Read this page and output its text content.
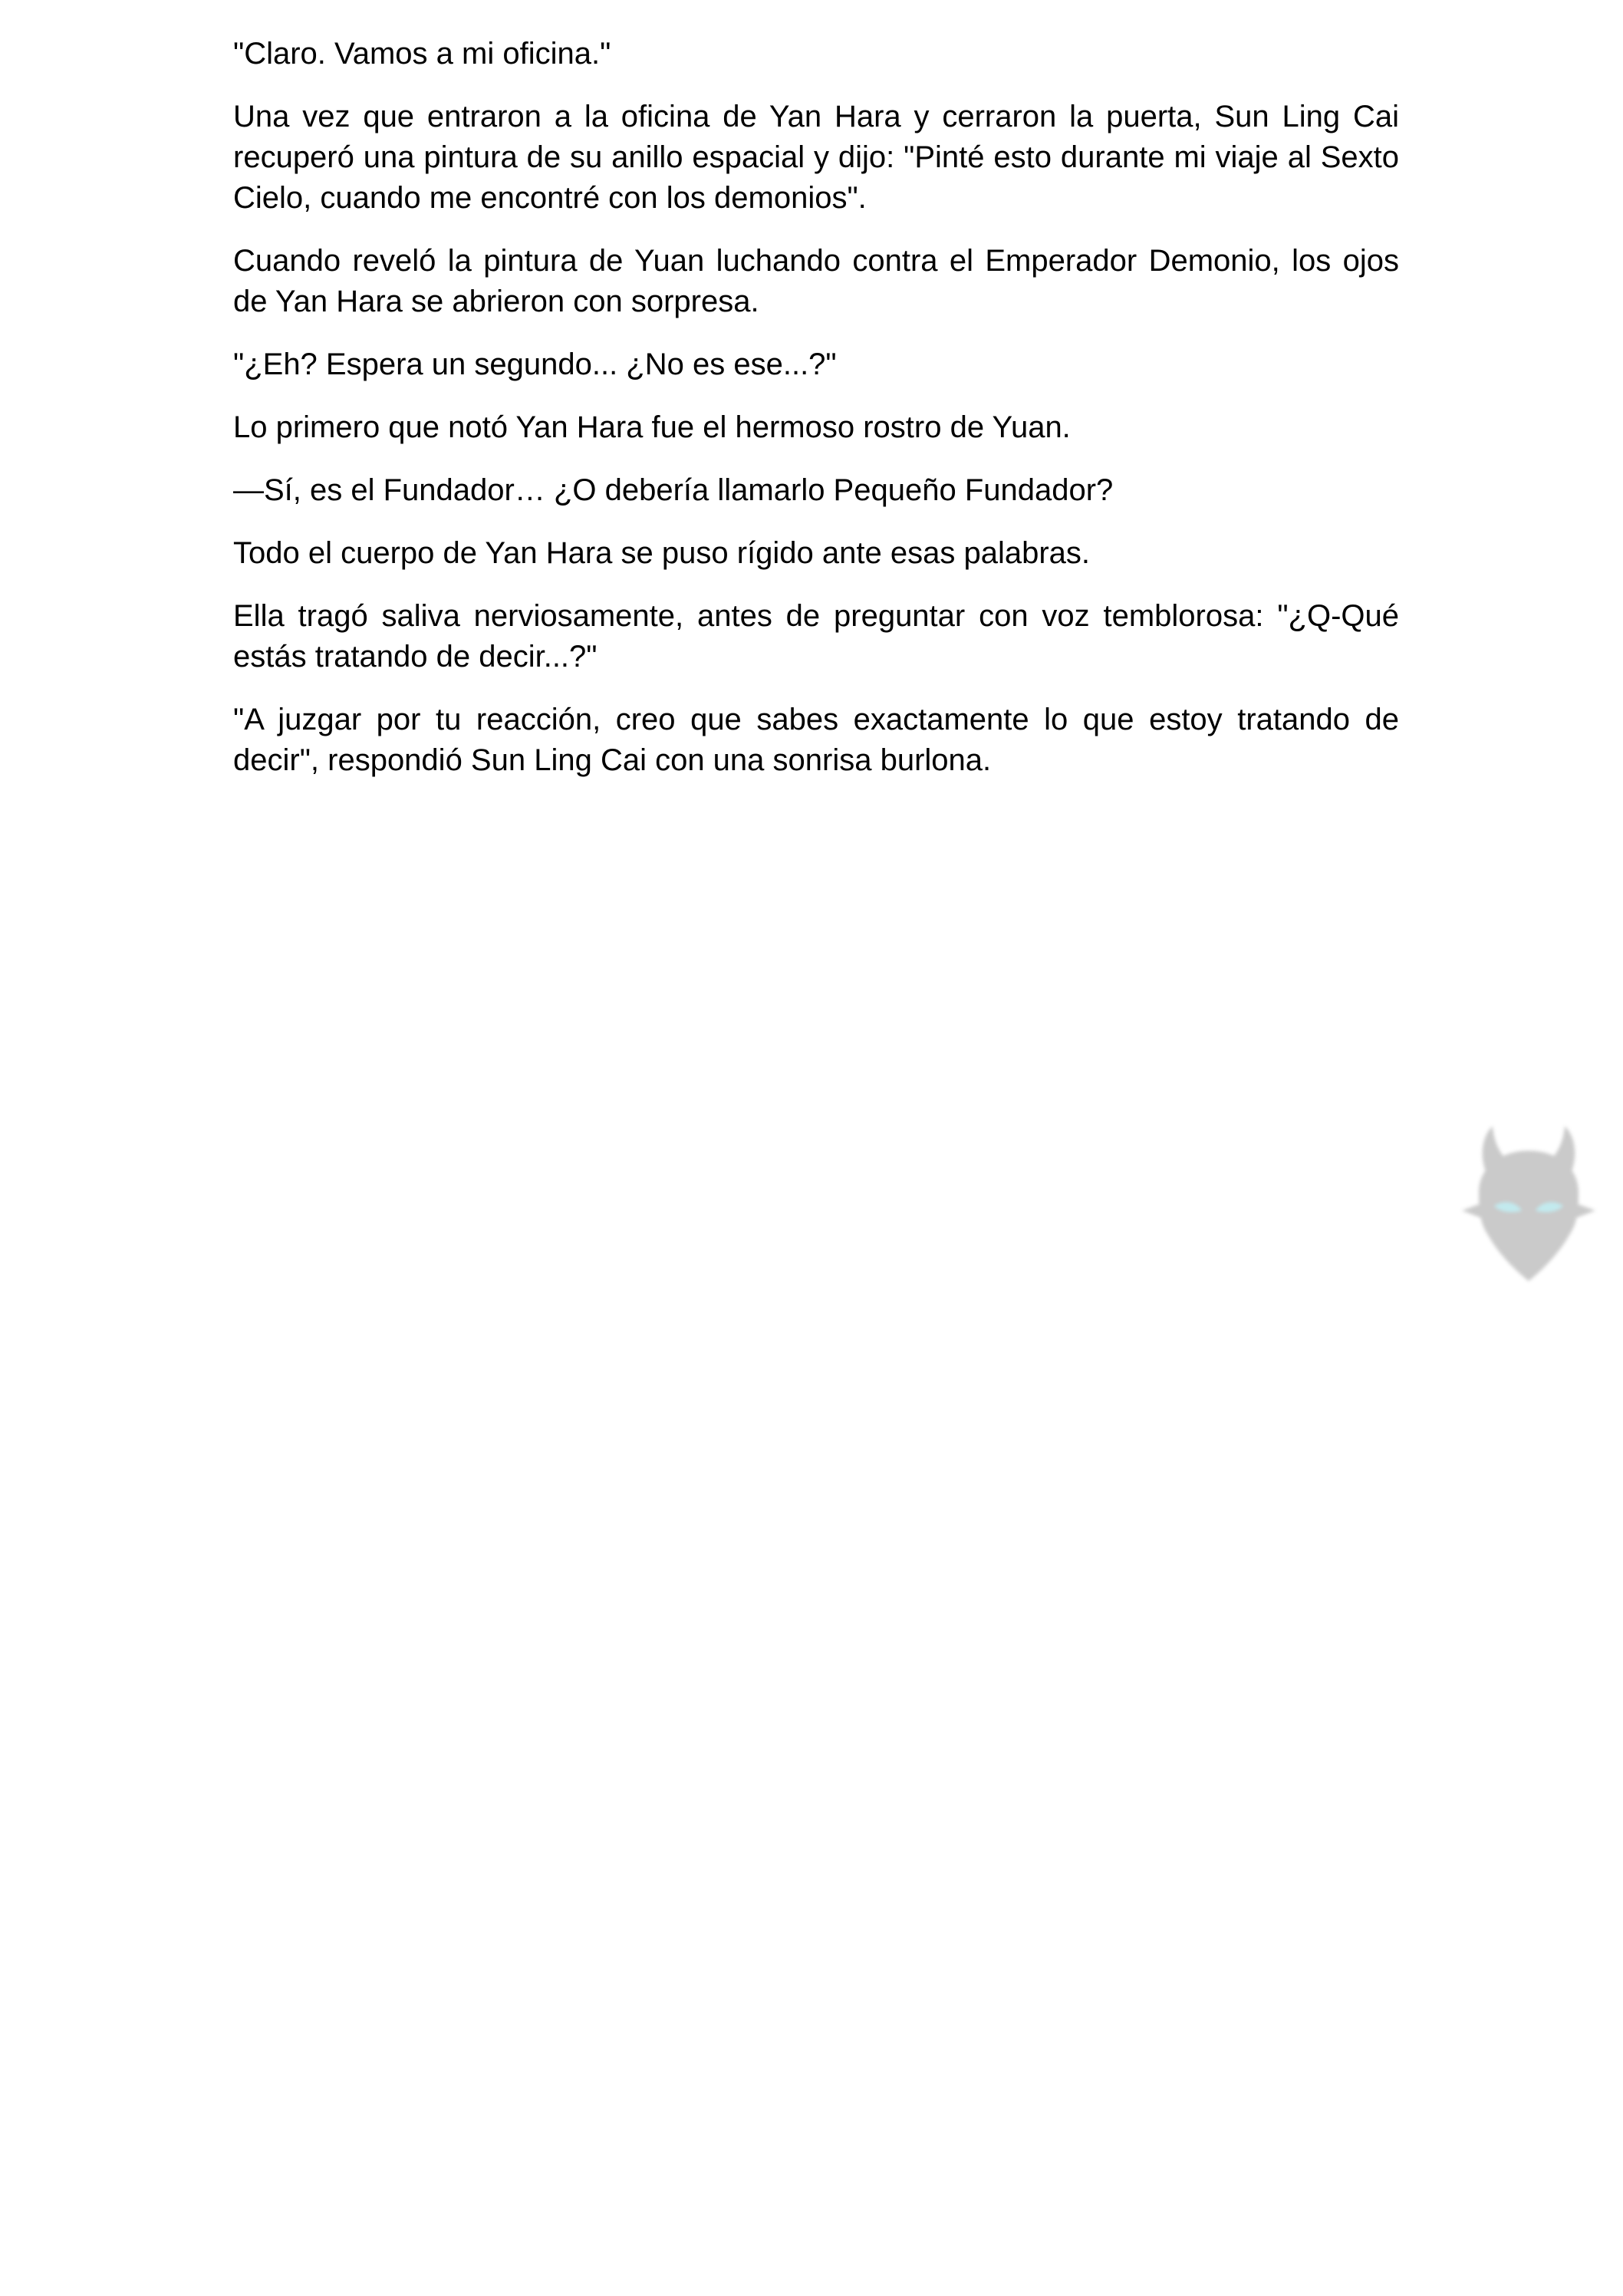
"Claro. Vamos a mi oficina."

Una vez que entraron a la oficina de Yan Hara y cerraron la puerta, Sun Ling Cai recuperó una pintura de su anillo espacial y dijo: "Pinté esto durante mi viaje al Sexto Cielo, cuando me encontré con los demonios".

Cuando reveló la pintura de Yuan luchando contra el Emperador Demonio, los ojos de Yan Hara se abrieron con sorpresa.

"¿Eh? Espera un segundo... ¿No es ese...?"

Lo primero que notó Yan Hara fue el hermoso rostro de Yuan.

—Sí, es el Fundador… ¿O debería llamarlo Pequeño Fundador?

Todo el cuerpo de Yan Hara se puso rígido ante esas palabras.

Ella tragó saliva nerviosamente, antes de preguntar con voz temblorosa: "¿Q-Qué estás tratando de decir...?"

"A juzgar por tu reacción, creo que sabes exactamente lo que estoy tratando de decir", respondió Sun Ling Cai con una sonrisa burlona.
